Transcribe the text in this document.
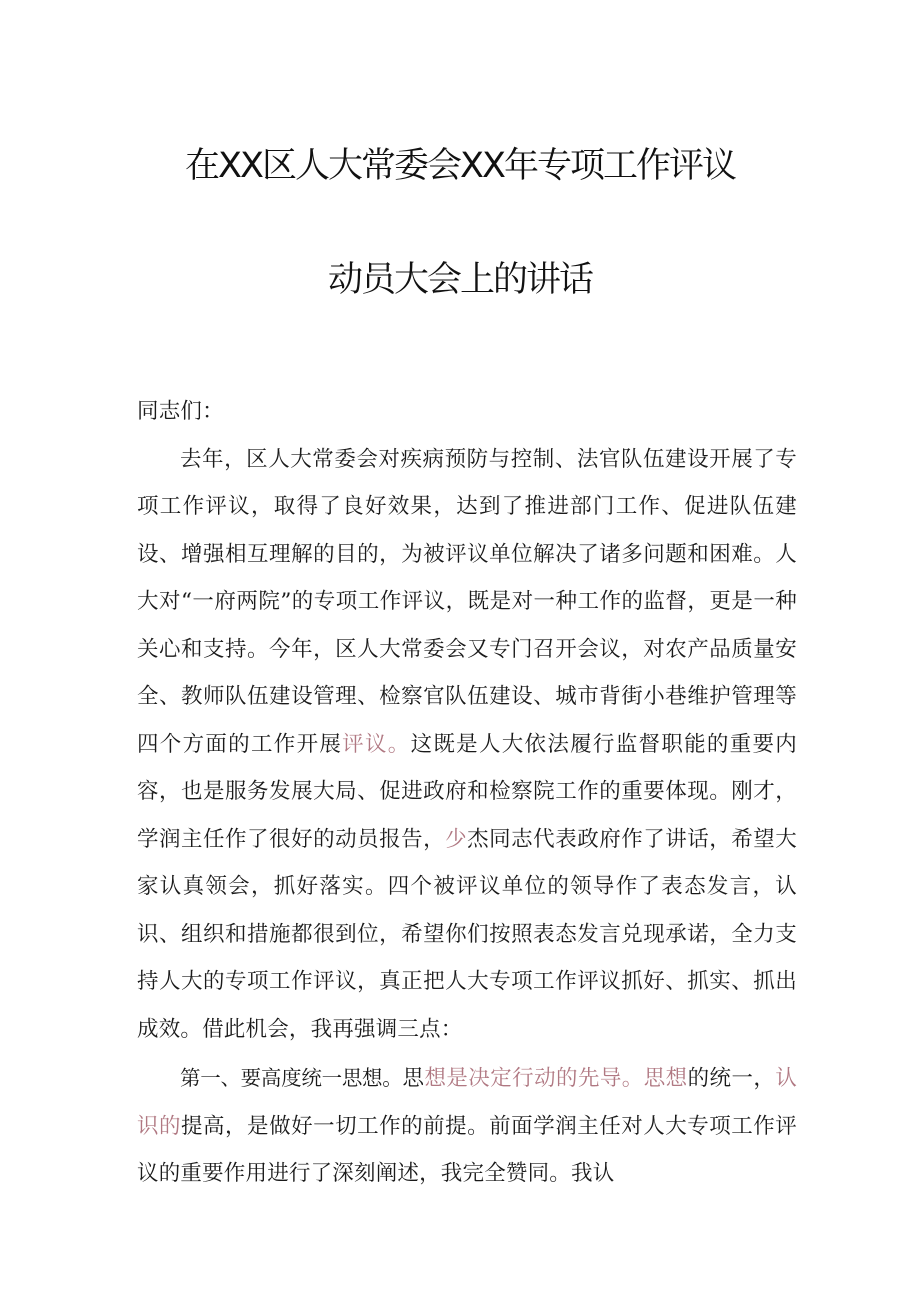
在XX区人大常委会XX年专项工作评议
动员大会上的讲话

同志们：

去年，区人大常委会对疾病预防与控制、法官队伍建设开展了专项工作评议，取得了良好效果，达到了推进部门工作、促进队伍建设、增强相互理解的目的，为被评议单位解决了诸多问题和困难。人大对“一府两院”的专项工作评议，既是对一种工作的监督，更是一种关心和支持。今年，区人大常委会又专门召开会议，对农产品质量安全、教师队伍建设管理、检察官队伍建设、城市背街小巷维护管理等四个方面的工作开展评议。这既是人大依法履行监督职能的重要内容，也是服务发展大局、促进政府和检察院工作的重要体现。刚才，学润主任作了很好的动员报告，少杰同志代表政府作了讲话，希望大家认真领会，抓好落实。四个被评议单位的领导作了表态发言，认识、组织和措施都很到位，希望你们按照表态发言兑现承诺，全力支持人大的专项工作评议，真正把人大专项工作评议抓好、抓实、抓出成效。借此机会，我再强调三点：

第一、要高度统一思想。思想是决定行动的先导。思想的统一，认识的提高，是做好一切工作的前提。前面学润主任对人大专项工作评议的重要作用进行了深刻阐述，我完全赞同。我认
